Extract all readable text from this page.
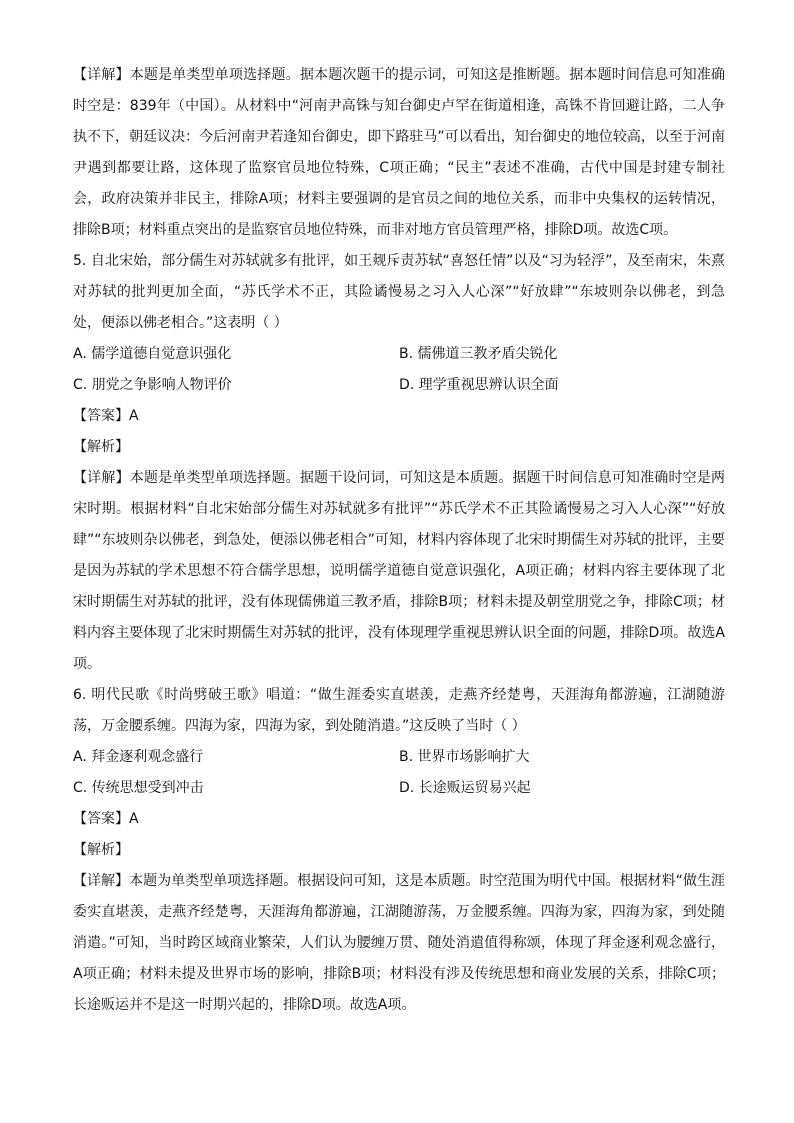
【详解】本题是单类型单项选择题。据本题次题干的提示词，可知这是推断题。据本题时间信息可知准确时空是：839年（中国）。从材料中“河南尹高铢与知台御史卢罕在街道相逢，高铢不肯回避让路，二人争执不下，朝廷议决：今后河南尹若逢知台御史，即下路驻马”可以看出，知台御史的地位较高，以至于河南尹遇到都要让路，这体现了监察官员地位特殊，C项正确；“民主”表述不准确，古代中国是封建专制社会，政府决策并非民主，排除A项；材料主要强调的是官员之间的地位关系，而非中央集权的运转情况，排除B项；材料重点突出的是监察官员地位特殊，而非对地方官员管理严格，排除D项。故选C项。

5. 自北宋始，部分儒生对苏轼就多有批评，如王觌斥责苏轼“喜怒任情”以及“习为轻浮”，及至南宋，朱熹对苏轼的批判更加全面，“苏氏学术不正，其险谲慢易之习入人心深”“好放肆”“东坡则杂以佛老，到急处，便添以佛老相合。”这表明（ ）

A. 儒学道德自觉意识强化	B. 儒佛道三教矛盾尖锐化
C. 朋党之争影响人物评价	D. 理学重视思辨认识全面

【答案】A

【解析】

【详解】本题是单类型单项选择题。据题干设问词，可知这是本质题。据题干时间信息可知准确时空是两宋时期。根据材料“自北宋始部分儒生对苏轼就多有批评”“苏氏学术不正其险谲慢易之习入人心深”“好放肆”“东坡则杂以佛老，到急处，便添以佛老相合”可知，材料内容体现了北宋时期儒生对苏轼的批评，主要是因为苏轼的学术思想不符合儒学思想，说明儒学道德自觉意识强化，A项正确；材料内容主要体现了北宋时期儒生对苏轼的批评，没有体现儒佛道三教矛盾，排除B项；材料未提及朝堂朋党之争，排除C项；材料内容主要体现了北宋时期儒生对苏轼的批评，没有体现理学重视思辨认识全面的问题，排除D项。故选A项。

6. 明代民歌《时尚劈破王歌》唱道：“做生涯委实直堪羡，走燕齐经楚粤，天涯海角都游遍，江湖随游荡，万金腰系缠。四海为家，四海为家，到处随消遣。”这反映了当时（ ）

A. 拜金逐利观念盛行	B. 世界市场影响扩大
C. 传统思想受到冲击	D. 长途贩运贸易兴起

【答案】A

【解析】

【详解】本题为单类型单项选择题。根据设问可知，这是本质题。时空范围为明代中国。根据材料“做生涯委实直堪羡，走燕齐经楚粤，天涯海角都游遍，江湖随游荡，万金腰系缠。四海为家，四海为家，到处随消遣。”可知，当时跨区域商业繁荣，人们认为腰缠万贯、随处消遣值得称颂，体现了拜金逐利观念盛行，A项正确；材料未提及世界市场的影响，排除B项；材料没有涉及传统思想和商业发展的关系，排除C项；长途贩运并不是这一时期兴起的，排除D项。故选A项。
